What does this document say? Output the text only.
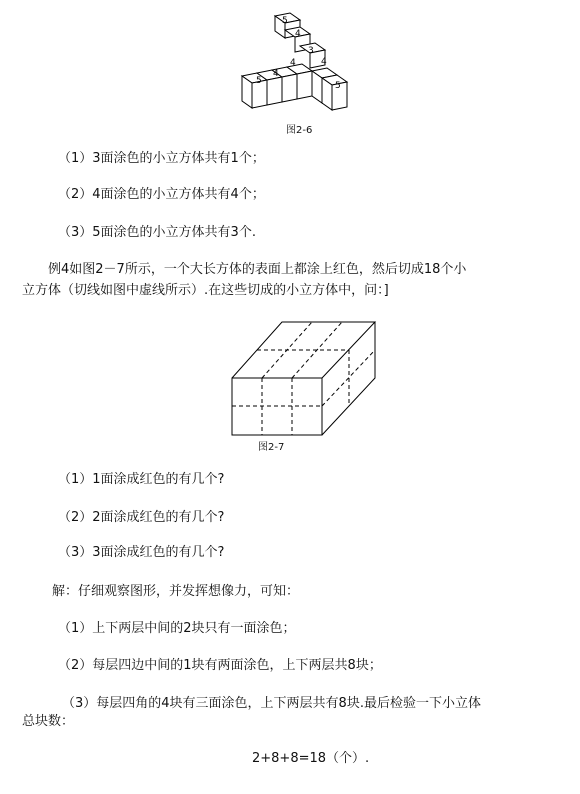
5
4
3
4	4
5
4
5
图2-6
（1）3面涂色的小立方体共有1个；
（2）4面涂色的小立方体共有4个；
（3）5面涂色的小立方体共有3个.
例4如图2－7所示，一个大长方体的表面上都涂上红色，然后切成18个小
立方体（切线如图中虚线所示）.在这些切成的小立方体中，问：]
图2-7
（1）1面涂成红色的有几个?
（2）2面涂成红色的有几个?
（3）3面涂成红色的有几个?
解：仔细观察图形，并发挥想像力，可知：
（1）上下两层中间的2块只有一面涂色；
（2）每层四边中间的1块有两面涂色，上下两层共8块；
（3）每层四角的4块有三面涂色，上下两层共有8块.最后检验一下小立体
总块数：
2+8+8=18（个）.
